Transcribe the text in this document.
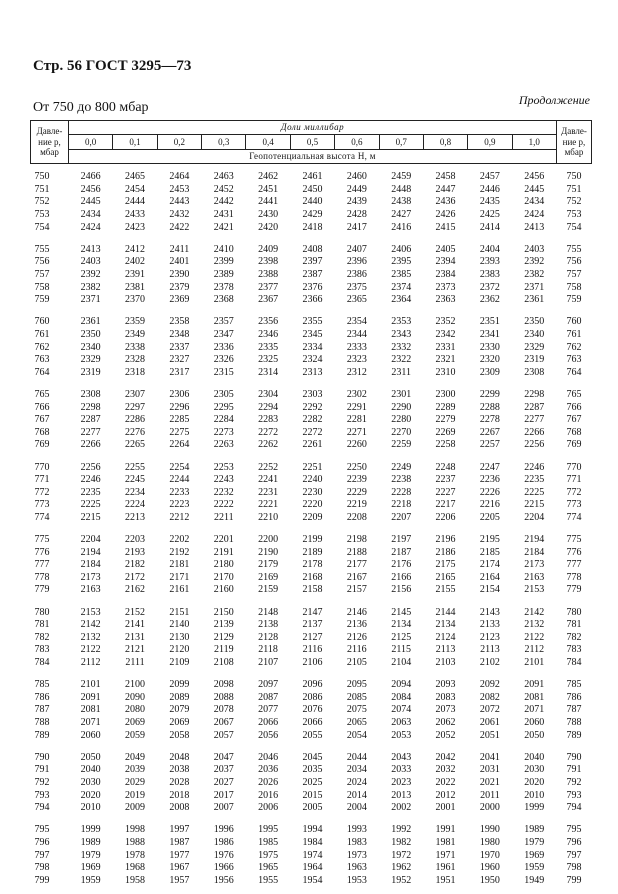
Стр. 56 ГОСТ 3295—73
От 750 до 800 мбар	Продолжение
Давле- ние p, мбар	Доли миллибар											Давле- ние p, мбар
	0,0	0,1	0,2	0,3	0,4	0,5	0,6	0,7	0,8	0,9	1,0	
	Геопотенциальная высота H, м											

750	2466	2465	2464	2463	2462	2461	2460	2459	2458	2457	2456	750
751	2456	2454	2453	2452	2451	2450	2449	2448	2447	2446	2445	751
752	2445	2444	2443	2442	2441	2440	2439	2438	2436	2435	2434	752
753	2434	2433	2432	2431	2430	2429	2428	2427	2426	2425	2424	753
754	2424	2423	2422	2421	2420	2418	2417	2416	2415	2414	2413	754

755	2413	2412	2411	2410	2409	2408	2407	2406	2405	2404	2403	755
756	2403	2402	2401	2399	2398	2397	2396	2395	2394	2393	2392	756
757	2392	2391	2390	2389	2388	2387	2386	2385	2384	2383	2382	757
758	2382	2381	2379	2378	2377	2376	2375	2374	2373	2372	2371	758
759	2371	2370	2369	2368	2367	2366	2365	2364	2363	2362	2361	759

760	2361	2359	2358	2357	2356	2355	2354	2353	2352	2351	2350	760
761	2350	2349	2348	2347	2346	2345	2344	2343	2342	2341	2340	761
762	2340	2338	2337	2336	2335	2334	2333	2332	2331	2330	2329	762
763	2329	2328	2327	2326	2325	2324	2323	2322	2321	2320	2319	763
764	2319	2318	2317	2315	2314	2313	2312	2311	2310	2309	2308	764

765	2308	2307	2306	2305	2304	2303	2302	2301	2300	2299	2298	765
766	2298	2297	2296	2295	2294	2292	2291	2290	2289	2288	2287	766
767	2287	2286	2285	2284	2283	2282	2281	2280	2279	2278	2277	767
768	2277	2276	2275	2273	2272	2272	2271	2270	2269	2267	2266	768
769	2266	2265	2264	2263	2262	2261	2260	2259	2258	2257	2256	769

770	2256	2255	2254	2253	2252	2251	2250	2249	2248	2247	2246	770
771	2246	2245	2244	2243	2241	2240	2239	2238	2237	2236	2235	771
772	2235	2234	2233	2232	2231	2230	2229	2228	2227	2226	2225	772
773	2225	2224	2223	2222	2221	2220	2219	2218	2217	2216	2215	773
774	2215	2213	2212	2211	2210	2209	2208	2207	2206	2205	2204	774

775	2204	2203	2202	2201	2200	2199	2198	2197	2196	2195	2194	775
776	2194	2193	2192	2191	2190	2189	2188	2187	2186	2185	2184	776
777	2184	2182	2181	2180	2179	2178	2177	2176	2175	2174	2173	777
778	2173	2172	2171	2170	2169	2168	2167	2166	2165	2164	2163	778
779	2163	2162	2161	2160	2159	2158	2157	2156	2155	2154	2153	779

780	2153	2152	2151	2150	2148	2147	2146	2145	2144	2143	2142	780
781	2142	2141	2140	2139	2138	2137	2136	2134	2134	2133	2132	781
782	2132	2131	2130	2129	2128	2127	2126	2125	2124	2123	2122	782
783	2122	2121	2120	2119	2118	2116	2116	2115	2113	2113	2112	783
784	2112	2111	2109	2108	2107	2106	2105	2104	2103	2102	2101	784

785	2101	2100	2099	2098	2097	2096	2095	2094	2093	2092	2091	785
786	2091	2090	2089	2088	2087	2086	2085	2084	2083	2082	2081	786
787	2081	2080	2079	2078	2077	2076	2075	2074	2073	2072	2071	787
788	2071	2069	2069	2067	2066	2066	2065	2063	2062	2061	2060	788
789	2060	2059	2058	2057	2056	2055	2054	2053	2052	2051	2050	789

790	2050	2049	2048	2047	2046	2045	2044	2043	2042	2041	2040	790
791	2040	2039	2038	2037	2036	2035	2034	2033	2032	2031	2030	791
792	2030	2029	2028	2027	2026	2025	2024	2023	2022	2021	2020	792
793	2020	2019	2018	2017	2016	2015	2014	2013	2012	2011	2010	793
794	2010	2009	2008	2007	2006	2005	2004	2002	2001	2000	1999	794

795	1999	1998	1997	1996	1995	1994	1993	1992	1991	1990	1989	795
796	1989	1988	1987	1986	1985	1984	1983	1982	1981	1980	1979	796
797	1979	1978	1977	1976	1975	1974	1973	1972	1971	1970	1969	797
798	1969	1968	1967	1966	1965	1964	1963	1962	1961	1960	1959	798
799	1959	1958	1957	1956	1955	1954	1953	1952	1951	1950	1949	799
